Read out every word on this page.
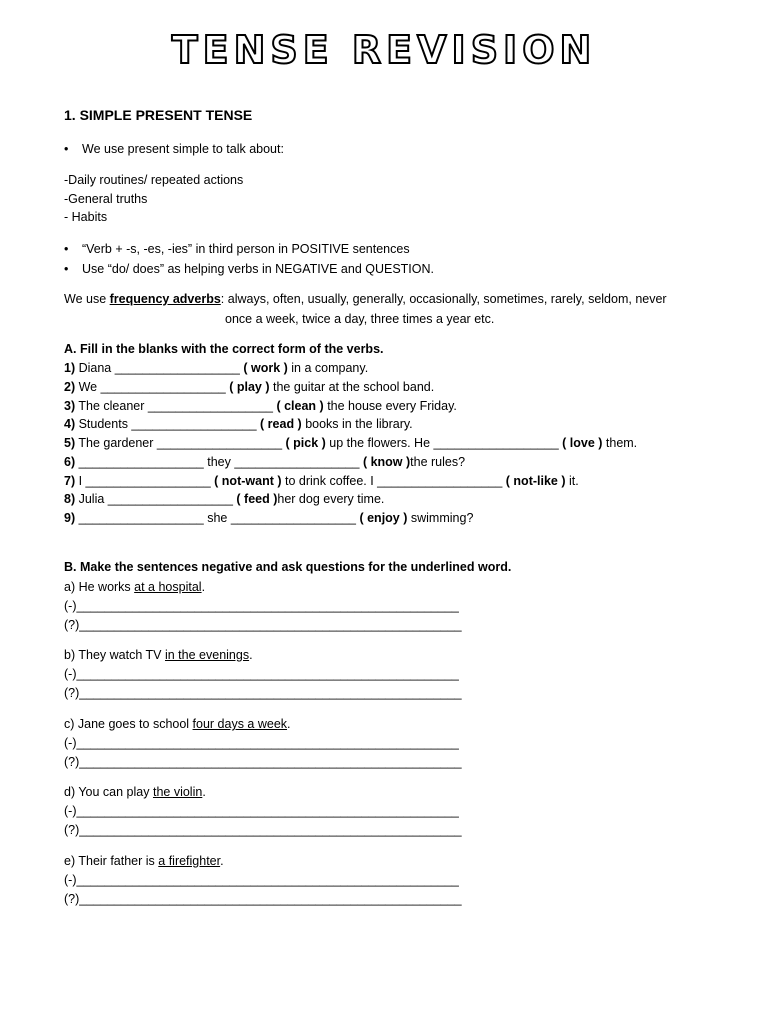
TENSE REVISION
1. SIMPLE PRESENT TENSE
• We use present simple to talk about:
-Daily routines/ repeated actions
-General truths
- Habits
• “Verb + -s, -es, -ies” in third person in POSITIVE sentences
• Use “do/ does” as helping verbs in NEGATIVE and QUESTION.
We use frequency adverbs: always, often, usually, generally, occasionally, sometimes, rarely, seldom, never
once a week, twice a day, three times a year etc.
A. Fill in the blanks with the correct form of the verbs.
1) Diana __________________ ( work ) in a company.
2) We __________________ ( play ) the guitar at the school band.
3) The cleaner __________________ ( clean ) the house every Friday.
4) Students __________________ ( read ) books in the library.
5) The gardener __________________ ( pick ) up the flowers. He __________________ ( love ) them.
6) __________________ they __________________ ( know )the rules?
7) I __________________ ( not-want ) to drink coffee. I __________________ ( not-like ) it.
8) Julia __________________ ( feed )her dog every time.
9) __________________ she __________________ ( enjoy ) swimming?
B. Make the sentences negative and ask questions for the underlined word.
a) He works at a hospital.
(-)_______________________________________________________
(?)_______________________________________________________
b) They watch TV in the evenings.
(-)_______________________________________________________
(?)_______________________________________________________
c) Jane goes to school four days a week.
(-)_______________________________________________________
(?)_______________________________________________________
d) You can play the violin.
(-)_______________________________________________________
(?)_______________________________________________________
e) Their father is a firefighter.
(-)_______________________________________________________
(?)_______________________________________________________
